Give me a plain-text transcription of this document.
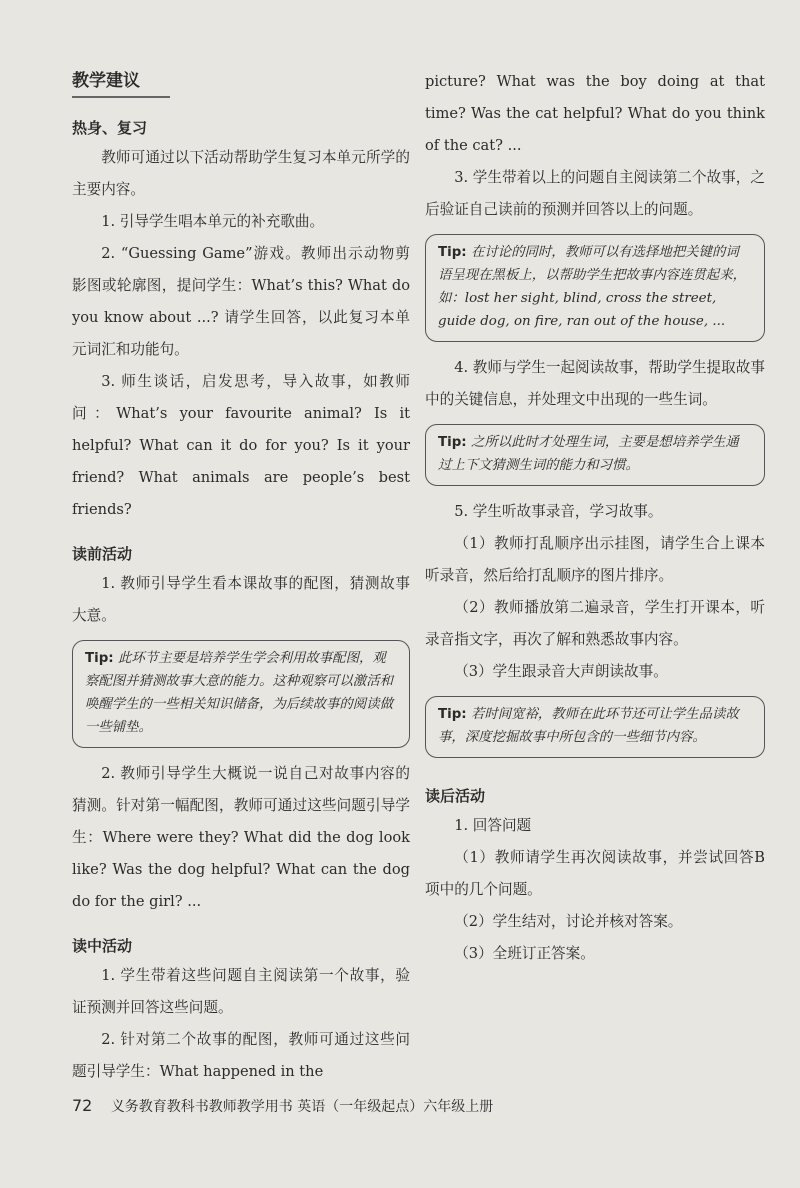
教学建议
热身、复习

教师可通过以下活动帮助学生复习本单元所学的主要内容。

1. 引导学生唱本单元的补充歌曲。

2. “Guessing Game”游戏。教师出示动物剪影图或轮廓图，提问学生：What’s this? What do you know about ...? 请学生回答，以此复习本单元词汇和功能句。

3. 师生谈话，启发思考，导入故事，如教师问：What’s your favourite animal? Is it helpful? What can it do for you? Is it your friend? What animals are people’s best friends?

读前活动

1. 教师引导学生看本课故事的配图，猜测故事大意。

Tip: 此环节主要是培养学生学会利用故事配图，观察配图并猜测故事大意的能力。这种观察可以激活和唤醒学生的一些相关知识储备，为后续故事的阅读做一些铺垫。

2. 教师引导学生大概说一说自己对故事内容的猜测。针对第一幅配图，教师可通过这些问题引导学生：Where were they? What did the dog look like? Was the dog helpful? What can the dog do for the girl? ...

读中活动

1. 学生带着这些问题自主阅读第一个故事，验证预测并回答这些问题。

2. 针对第二个故事的配图，教师可通过这些问题引导学生：What happened in the

picture? What was the boy doing at that time? Was the cat helpful? What do you think of the cat? ...

3. 学生带着以上的问题自主阅读第二个故事，之后验证自己读前的预测并回答以上的问题。

Tip: 在讨论的同时，教师可以有选择地把关键的词语呈现在黑板上，以帮助学生把故事内容连贯起来，如：lost her sight, blind, cross the street, guide dog, on fire, ran out of the house, ...

4. 教师与学生一起阅读故事，帮助学生提取故事中的关键信息，并处理文中出现的一些生词。

Tip: 之所以此时才处理生词，主要是想培养学生通过上下文猜测生词的能力和习惯。

5. 学生听故事录音，学习故事。

（1）教师打乱顺序出示挂图，请学生合上课本听录音，然后给打乱顺序的图片排序。

（2）教师播放第二遍录音，学生打开课本，听录音指文字，再次了解和熟悉故事内容。

（3）学生跟录音大声朗读故事。

Tip: 若时间宽裕，教师在此环节还可让学生品读故事，深度挖掘故事中所包含的一些细节内容。
读后活动

1. 回答问题

（1）教师请学生再次阅读故事，并尝试回答B项中的几个问题。

（2）学生结对，讨论并核对答案。

（3）全班订正答案。

72 义务教育教科书教师教学用书 英语（一年级起点）六年级上册
